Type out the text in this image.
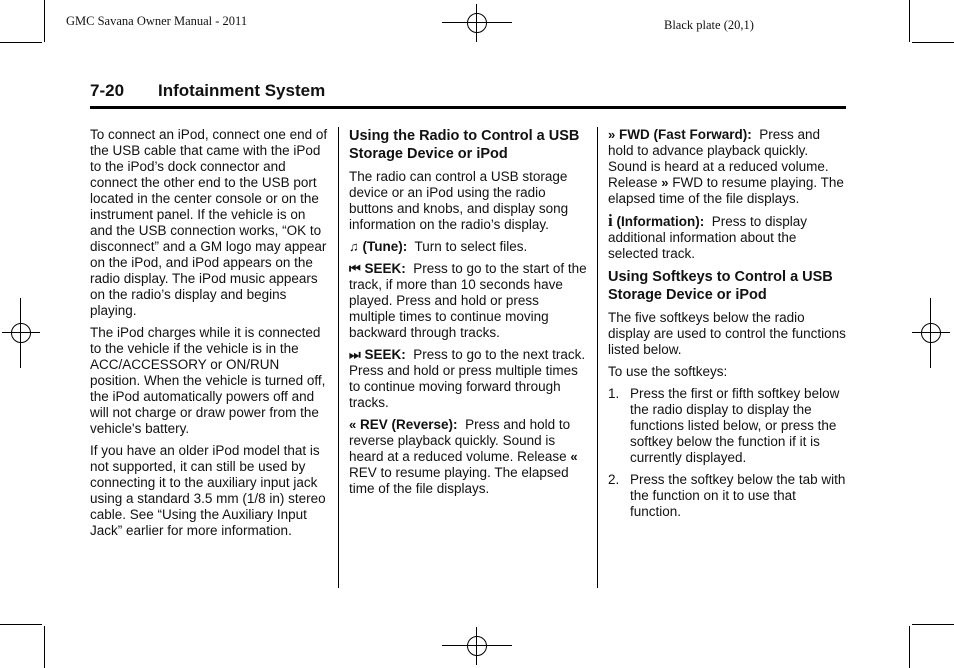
GMC Savana Owner Manual - 2011	Black plate (20,1)
7-20 Infotainment System

To connect an iPod, connect one end of the USB cable that came with the iPod to the iPod’s dock connector and connect the other end to the USB port located in the center console or on the instrument panel. If the vehicle is on and the USB connection works, “OK to disconnect” and a GM logo may appear on the iPod, and iPod appears on the radio display. The iPod music appears on the radio’s display and begins playing.

The iPod charges while it is connected to the vehicle if the vehicle is in the ACC/ACCESSORY or ON/RUN position. When the vehicle is turned off, the iPod automatically powers off and will not charge or draw power from the vehicle's battery.

If you have an older iPod model that is not supported, it can still be used by connecting it to the auxiliary input jack using a standard 3.5 mm (1/8 in) stereo cable. See “Using the Auxiliary Input Jack” earlier for more information.

Using the Radio to Control a USB Storage Device or iPod

The radio can control a USB storage device or an iPod using the radio buttons and knobs, and display song information on the radio’s display.

♫ (Tune): Turn to select files.

⏮ SEEK: Press to go to the start of the track, if more than 10 seconds have played. Press and hold or press multiple times to continue moving backward through tracks.

⏭ SEEK: Press to go to the next track. Press and hold or press multiple times to continue moving forward through tracks.

« REV (Reverse): Press and hold to reverse playback quickly. Sound is heard at a reduced volume. Release « REV to resume playing. The elapsed time of the file displays.

» FWD (Fast Forward): Press and hold to advance playback quickly. Sound is heard at a reduced volume. Release » FWD to resume playing. The elapsed time of the file displays.

i (Information): Press to display additional information about the selected track.

Using Softkeys to Control a USB Storage Device or iPod

The five softkeys below the radio display are used to control the functions listed below.

To use the softkeys:

1. Press the first or fifth softkey below the radio display to display the functions listed below, or press the softkey below the function if it is currently displayed.
2. Press the softkey below the tab with the function on it to use that function.
